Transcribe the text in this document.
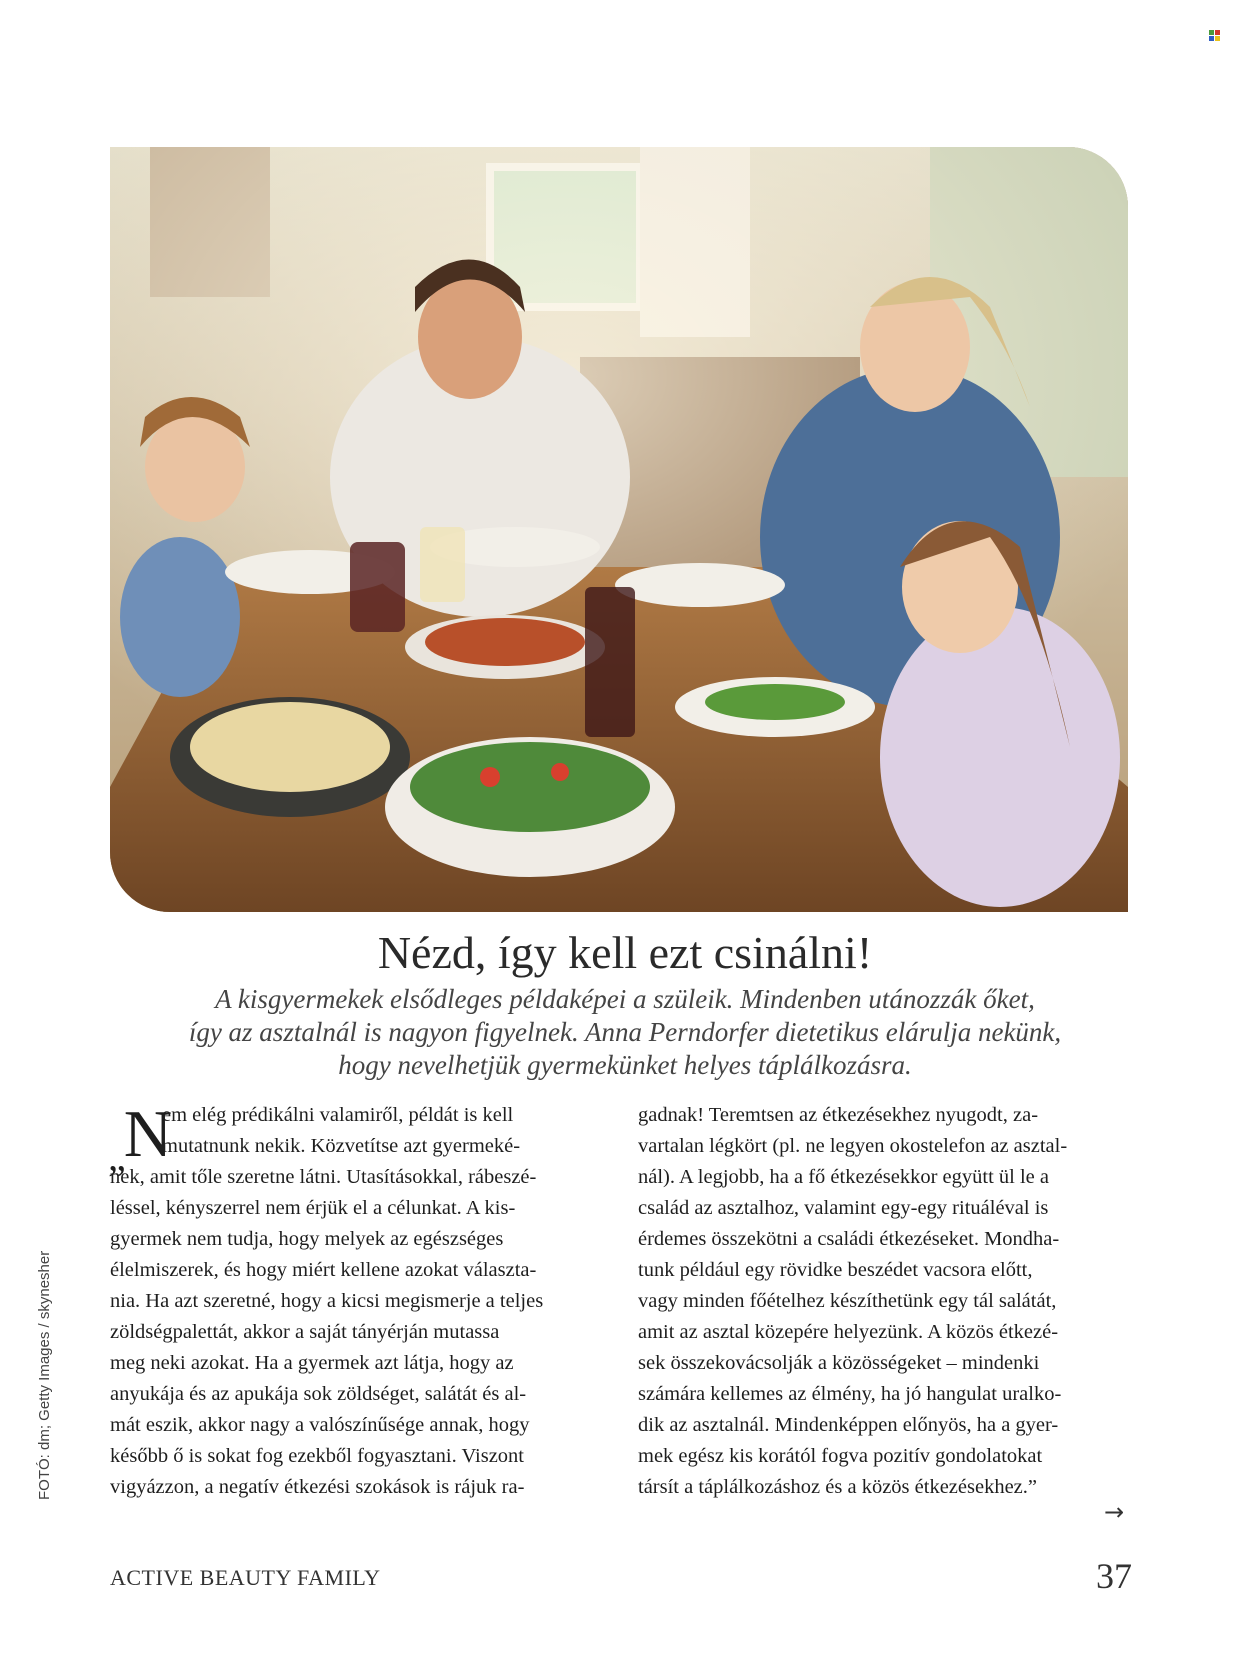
Nézd, így kell ezt csinálni!

A kisgyermekek elsődleges példaképei a szüleik. Mindenben utánozzák őket,
így az asztalnál is nagyon figyelnek. Anna Perndorfer dietetikus elárulja nekünk,
hogy nevelhetjük gyermekünket helyes táplálkozásra.

$_„$N
em elég prédikálni valamiről, példát is kell
mutatnunk nekik. Közvetítse azt gyermeké-
nek, amit tőle szeretne látni. Utasításokkal, rábeszé-
léssel, kényszerrel nem érjük el a célunkat. A kis-
gyermek nem tudja, hogy melyek az egészséges
élelmiszerek, és hogy miért kellene azokat választa-
nia. Ha azt szeretné, hogy a kicsi megismerje a teljes
zöldségpalettát, akkor a saját tányérján mutassa
meg neki azokat. Ha a gyermek azt látja, hogy az
anyukája és az apukája sok zöldséget, salátát és al-
mát eszik, akkor nagy a valószínűsége annak, hogy
később ő is sokat fog ezekből fogyasztani. Viszont
vigyázzon, a negatív étkezési szokások is rájuk ra-
gadnak! Teremtsen az étkezésekhez nyugodt, za-
vartalan légkört (pl. ne legyen okostelefon az asztal-
nál). A legjobb, ha a fő étkezésekkor együtt ül le a
család az asztalhoz, valamint egy-egy rituáléval is
érdemes összekötni a családi étkezéseket. Mondha-
tunk például egy rövidke beszédet vacsora előtt,
vagy minden főételhez készíthetünk egy tál salátát,
amit az asztal közepére helyezünk. A közös étkezé-
sek összekovácsolják a közösségeket – mindenki
számára kellemes az élmény, ha jó hangulat uralko-
dik az asztalnál. Mindenképpen előnyös, ha a gyer-
mek egész kis korától fogva pozitív gondolatokat
társít a táplálkozáshoz és a közös étkezésekhez.”
→
FOTÓ: dm; Getty Images / skynesher
ACTIVE BEAUTY FAMILY	37
